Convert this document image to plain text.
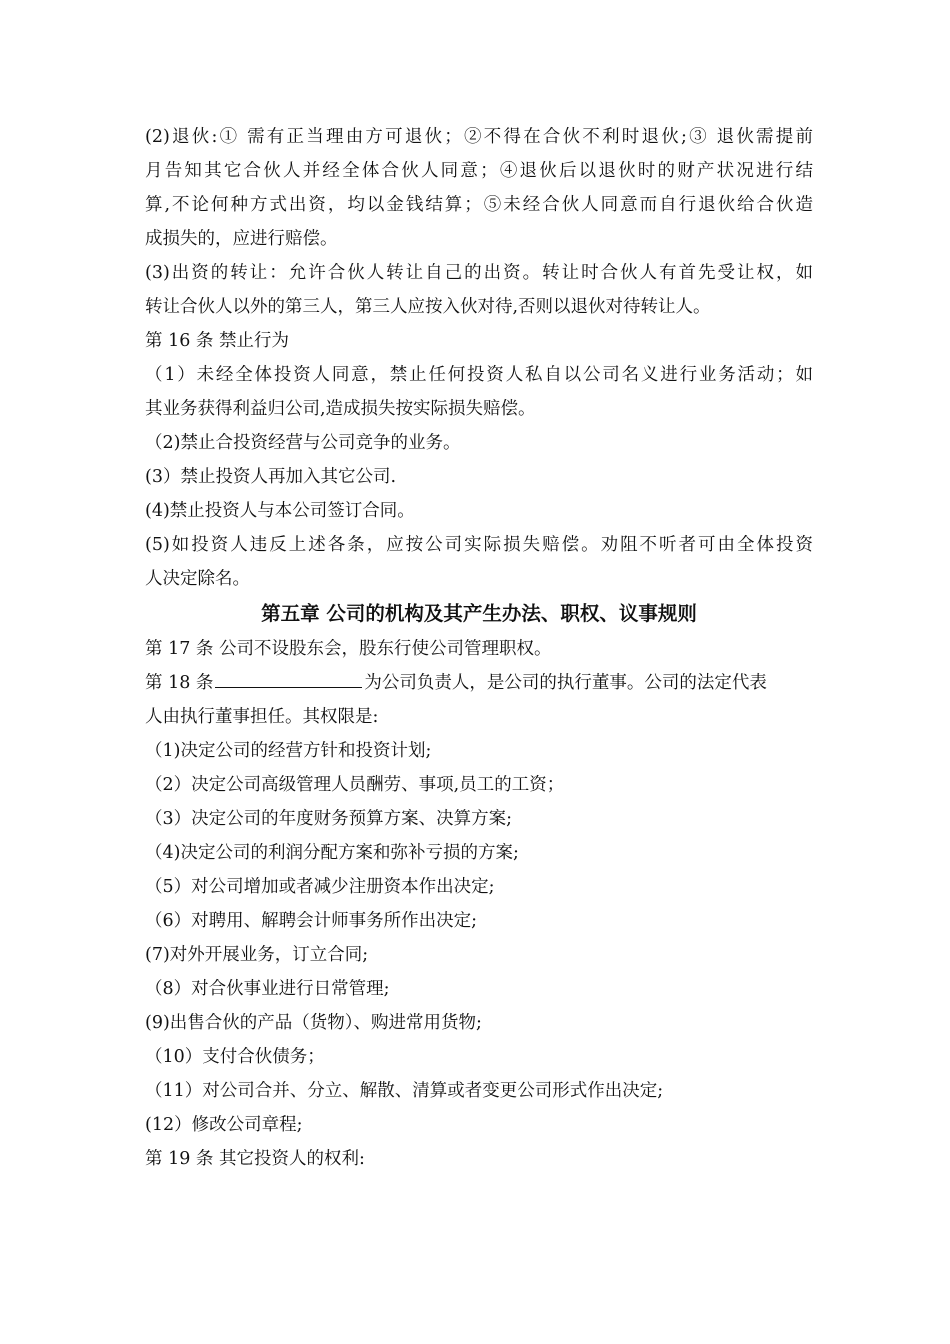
(2)退伙:① 需有正当理由方可退伙；②不得在合伙不利时退伙;③ 退伙需提前
月告知其它合伙人并经全体合伙人同意；④退伙后以退伙时的财产状况进行结
算,不论何种方式出资，均以金钱结算；⑤未经合伙人同意而自行退伙给合伙造
成损失的，应进行赔偿。
(3)出资的转让：允许合伙人转让自己的出资。转让时合伙人有首先受让权，如
转让合伙人以外的第三人，第三人应按入伙对待,否则以退伙对待转让人。
第 16 条 禁止行为
（1）未经全体投资人同意，禁止任何投资人私自以公司名义进行业务活动；如
其业务获得利益归公司,造成损失按实际损失赔偿。
（2)禁止合投资经营与公司竞争的业务。
(3）禁止投资人再加入其它公司.
(4)禁止投资人与本公司签订合同。
(5)如投资人违反上述各条，应按公司实际损失赔偿。劝阻不听者可由全体投资
人决定除名。
第五章 公司的机构及其产生办法、职权、议事规则
第 17 条 公司不设股东会，股东行使公司管理职权。
第 18 条	为公司负责人，是公司的执行董事。公司的法定代表
人由执行董事担任。其权限是:
（1)决定公司的经营方针和投资计划;
（2）决定公司高级管理人员酬劳、事项,员工的工资；
（3）决定公司的年度财务预算方案、决算方案;
（4)决定公司的利润分配方案和弥补亏损的方案;
（5）对公司增加或者减少注册资本作出决定;
（6）对聘用、解聘会计师事务所作出决定;
(7)对外开展业务，订立合同;
（8）对合伙事业进行日常管理;
(9)出售合伙的产品（货物）、购进常用货物;
（10）支付合伙债务；
（11）对公司合并、分立、解散、清算或者变更公司形式作出决定;
(12）修改公司章程;
第 19 条 其它投资人的权利:
